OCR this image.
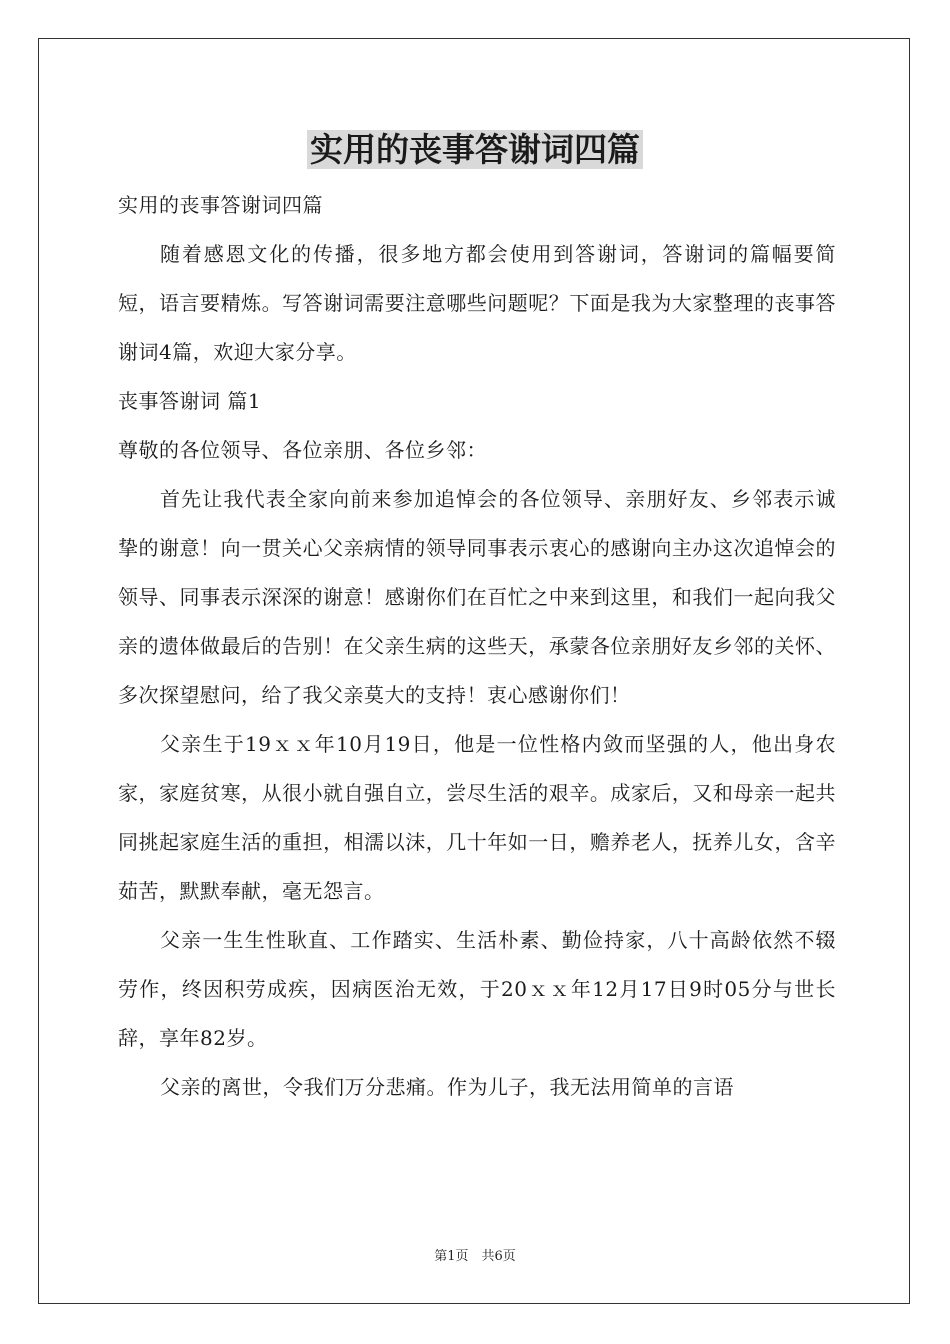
实用的丧事答谢词四篇

实用的丧事答谢词四篇

随着感恩文化的传播，很多地方都会使用到答谢词，答谢词的篇幅要简短，语言要精炼。写答谢词需要注意哪些问题呢？下面是我为大家整理的丧事答谢词4篇，欢迎大家分享。

丧事答谢词 篇1

尊敬的各位领导、各位亲朋、各位乡邻：

首先让我代表全家向前来参加追悼会的各位领导、亲朋好友、乡邻表示诚挚的谢意！向一贯关心父亲病情的领导同事表示衷心的感谢向主办这次追悼会的领导、同事表示深深的谢意！感谢你们在百忙之中来到这里，和我们一起向我父亲的遗体做最后的告别！在父亲生病的这些天，承蒙各位亲朋好友乡邻的关怀、多次探望慰问，给了我父亲莫大的支持！衷心感谢你们！

父亲生于19ｘｘ年10月19日，他是一位性格内敛而坚强的人，他出身农家，家庭贫寒，从很小就自强自立，尝尽生活的艰辛。成家后，又和母亲一起共同挑起家庭生活的重担，相濡以沫，几十年如一日，赡养老人，抚养儿女，含辛茹苦，默默奉献，毫无怨言。

父亲一生生性耿直、工作踏实、生活朴素、勤俭持家，八十高龄依然不辍劳作，终因积劳成疾，因病医治无效，于20ｘｘ年12月17日9时05分与世长辞，享年82岁。

父亲的离世，令我们万分悲痛。作为儿子，我无法用简单的言语

第1页　共6页
